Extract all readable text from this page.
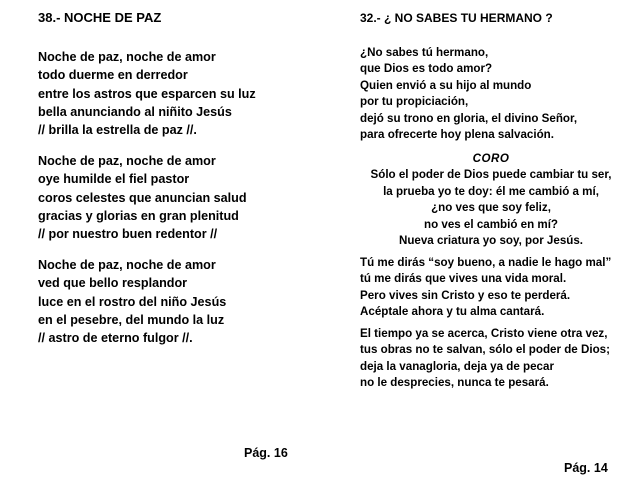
38.- NOCHE DE PAZ
Noche de paz, noche de amor
todo duerme en derredor
entre los astros que esparcen su luz
bella anunciando al niñito Jesús
// brilla la estrella de paz //.
Noche de paz, noche de amor
oye humilde el fiel pastor
coros celestes que anuncian salud
gracias y glorias en gran plenitud
// por nuestro buen redentor //
Noche de paz, noche de amor
ved que bello resplandor
luce en el rostro del niño Jesús
en el pesebre, del mundo la luz
// astro de eterno fulgor //.
Pág. 16
32.- ¿ NO SABES TU HERMANO ?
¿No sabes tú hermano,
que Dios es todo amor?
Quien envió a su hijo al mundo
por tu propiciación,
dejó su trono en gloria, el divino Señor,
para ofrecerte hoy plena salvación.
CORO
Sólo el poder de Dios puede cambiar tu ser,
la prueba yo te doy: él me cambió a mí,
¿no ves que soy feliz,
no ves el cambió en mí?
Nueva criatura yo soy, por Jesús.
Tú me dirás “soy bueno, a nadie le hago mal”
tú me dirás que vives una vida moral.
Pero vives sin Cristo y eso te perderá.
Acéptale ahora y tu alma cantará.
El tiempo ya se acerca, Cristo viene otra vez,
tus obras no te salvan, sólo el poder de Dios;
deja la vanagloria, deja ya de pecar
no le desprecies, nunca te pesará.
Pág. 14
